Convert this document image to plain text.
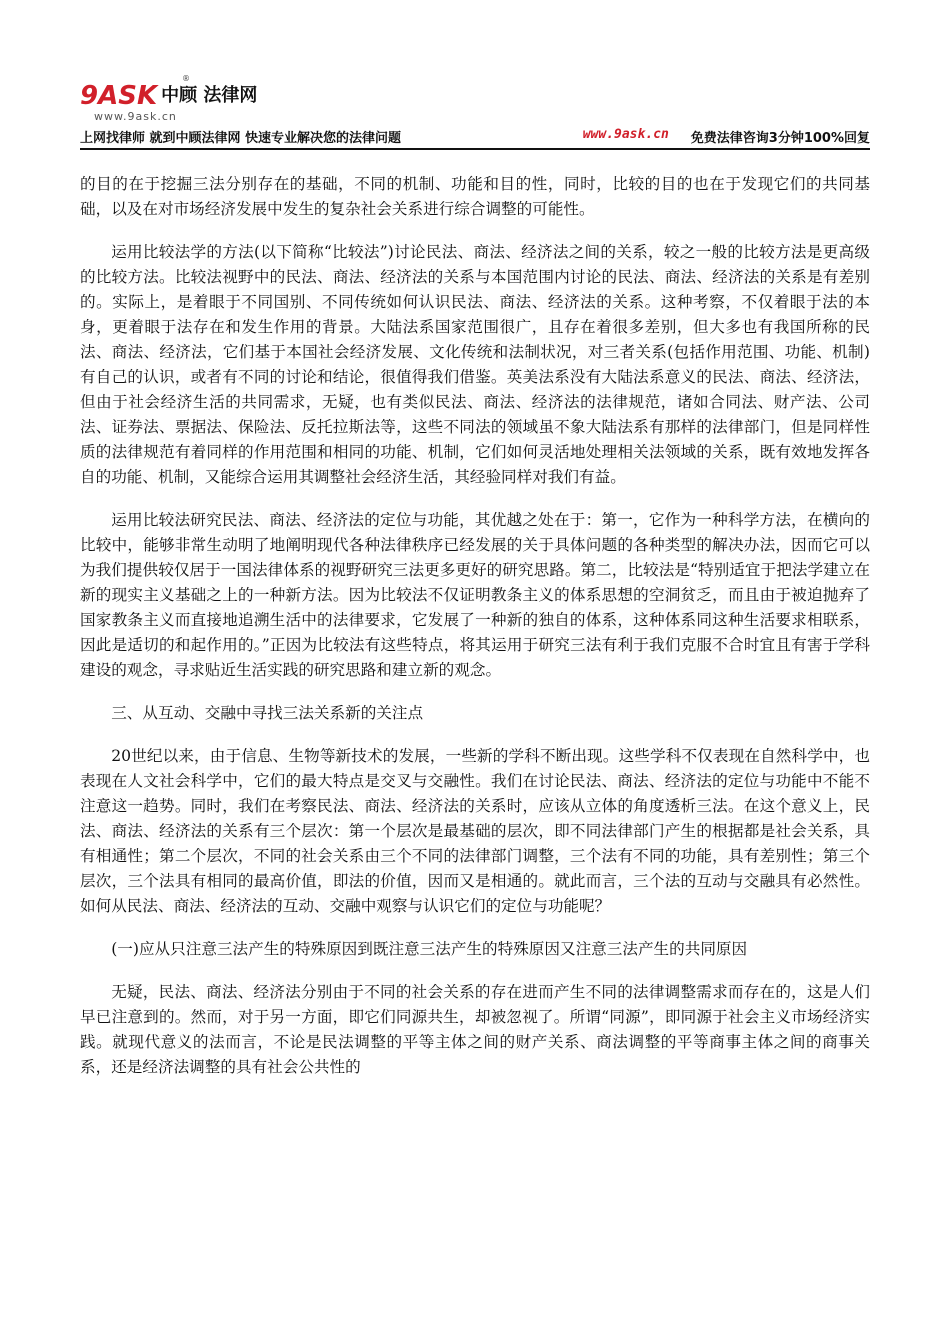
9ASK 中顾 法律网
®
www.9ask.cn
上网找律师 就到中顾法律网 快速专业解决您的法律问题	www.9ask.cn 免费法律咨询3分钟100%回复

的目的在于挖掘三法分别存在的基础，不同的机制、功能和目的性，同时，比较的目的也在于发现它们的共同基础，以及在对市场经济发展中发生的复杂社会关系进行综合调整的可能性。

运用比较法学的方法(以下简称“比较法”)讨论民法、商法、经济法之间的关系，较之一般的比较方法是更高级的比较方法。比较法视野中的民法、商法、经济法的关系与本国范围内讨论的民法、商法、经济法的关系是有差别的。实际上，是着眼于不同国别、不同传统如何认识民法、商法、经济法的关系。这种考察，不仅着眼于法的本身，更着眼于法存在和发生作用的背景。大陆法系国家范围很广，且存在着很多差别，但大多也有我国所称的民法、商法、经济法，它们基于本国社会经济发展、文化传统和法制状况，对三者关系(包括作用范围、功能、机制)有自己的认识，或者有不同的讨论和结论，很值得我们借鉴。英美法系没有大陆法系意义的民法、商法、经济法，但由于社会经济生活的共同需求，无疑，也有类似民法、商法、经济法的法律规范，诸如合同法、财产法、公司法、证券法、票据法、保险法、反托拉斯法等，这些不同法的领域虽不象大陆法系有那样的法律部门，但是同样性质的法律规范有着同样的作用范围和相同的功能、机制，它们如何灵活地处理相关法领域的关系，既有效地发挥各自的功能、机制，又能综合运用其调整社会经济生活，其经验同样对我们有益。

运用比较法研究民法、商法、经济法的定位与功能，其优越之处在于：第一，它作为一种科学方法，在横向的比较中，能够非常生动明了地阐明现代各种法律秩序已经发展的关于具体问题的各种类型的解决办法，因而它可以为我们提供较仅居于一国法律体系的视野研究三法更多更好的研究思路。第二，比较法是“特别适宜于把法学建立在新的现实主义基础之上的一种新方法。因为比较法不仅证明教条主义的体系思想的空洞贫乏，而且由于被迫抛弃了国家教条主义而直接地追溯生活中的法律要求，它发展了一种新的独自的体系，这种体系同这种生活要求相联系，因此是适切的和起作用的。”正因为比较法有这些特点，将其运用于研究三法有利于我们克服不合时宜且有害于学科建设的观念，寻求贴近生活实践的研究思路和建立新的观念。

三、从互动、交融中寻找三法关系新的关注点

20世纪以来，由于信息、生物等新技术的发展，一些新的学科不断出现。这些学科不仅表现在自然科学中，也表现在人文社会科学中，它们的最大特点是交叉与交融性。我们在讨论民法、商法、经济法的定位与功能中不能不注意这一趋势。同时，我们在考察民法、商法、经济法的关系时，应该从立体的角度透析三法。在这个意义上，民法、商法、经济法的关系有三个层次：第一个层次是最基础的层次，即不同法律部门产生的根据都是社会关系，具有相通性；第二个层次，不同的社会关系由三个不同的法律部门调整，三个法有不同的功能，具有差别性；第三个层次，三个法具有相同的最高价值，即法的价值，因而又是相通的。就此而言，三个法的互动与交融具有必然性。如何从民法、商法、经济法的互动、交融中观察与认识它们的定位与功能呢？

(一)应从只注意三法产生的特殊原因到既注意三法产生的特殊原因又注意三法产生的共同原因

无疑，民法、商法、经济法分别由于不同的社会关系的存在进而产生不同的法律调整需求而存在的，这是人们早已注意到的。然而，对于另一方面，即它们同源共生，却被忽视了。所谓“同源”，即同源于社会主义市场经济实践。就现代意义的法而言，不论是民法调整的平等主体之间的财产关系、商法调整的平等商事主体之间的商事关系，还是经济法调整的具有社会公共性的
